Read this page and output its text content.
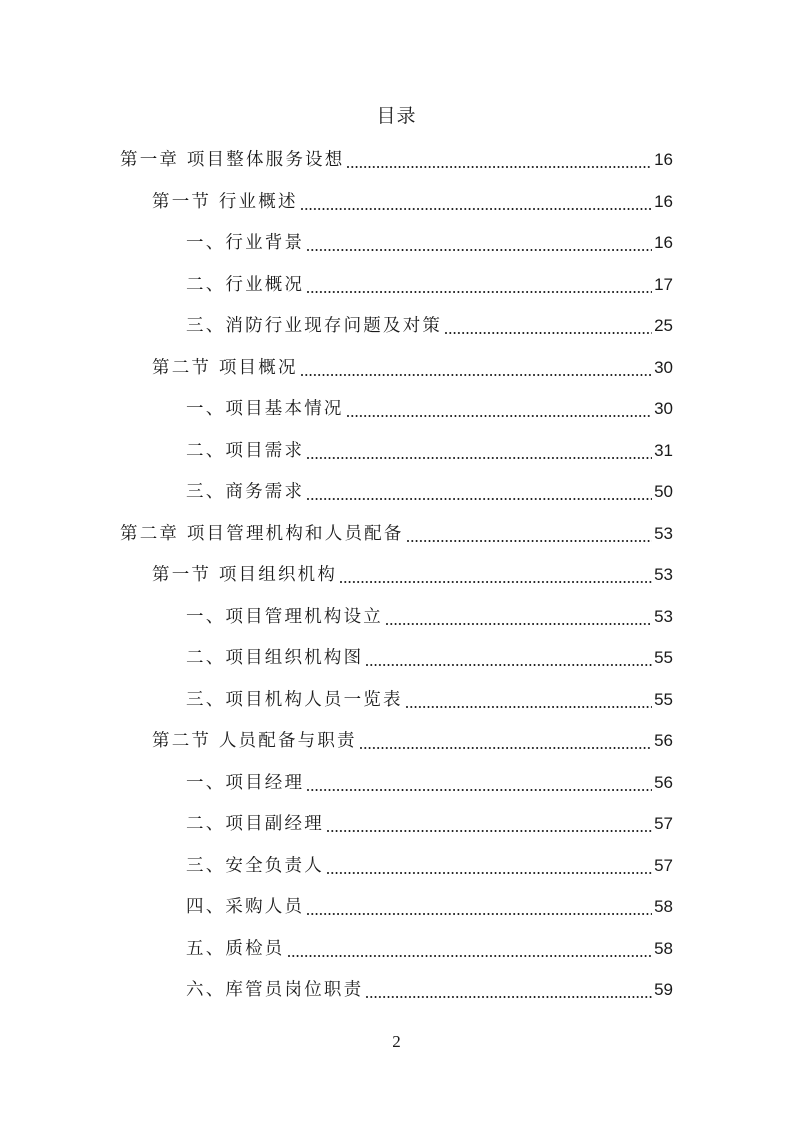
目录
第一章 项目整体服务设想	16
第一节 行业概述	16
一、行业背景	16
二、行业概况	17
三、消防行业现存问题及对策	25
第二节 项目概况	30
一、项目基本情况	30
二、项目需求	31
三、商务需求	50
第二章 项目管理机构和人员配备	53
第一节 项目组织机构	53
一、项目管理机构设立	53
二、项目组织机构图	55
三、项目机构人员一览表	55
第二节 人员配备与职责	56
一、项目经理	56
二、项目副经理	57
三、安全负责人	57
四、采购人员	58
五、质检员	58
六、库管员岗位职责	59
2
